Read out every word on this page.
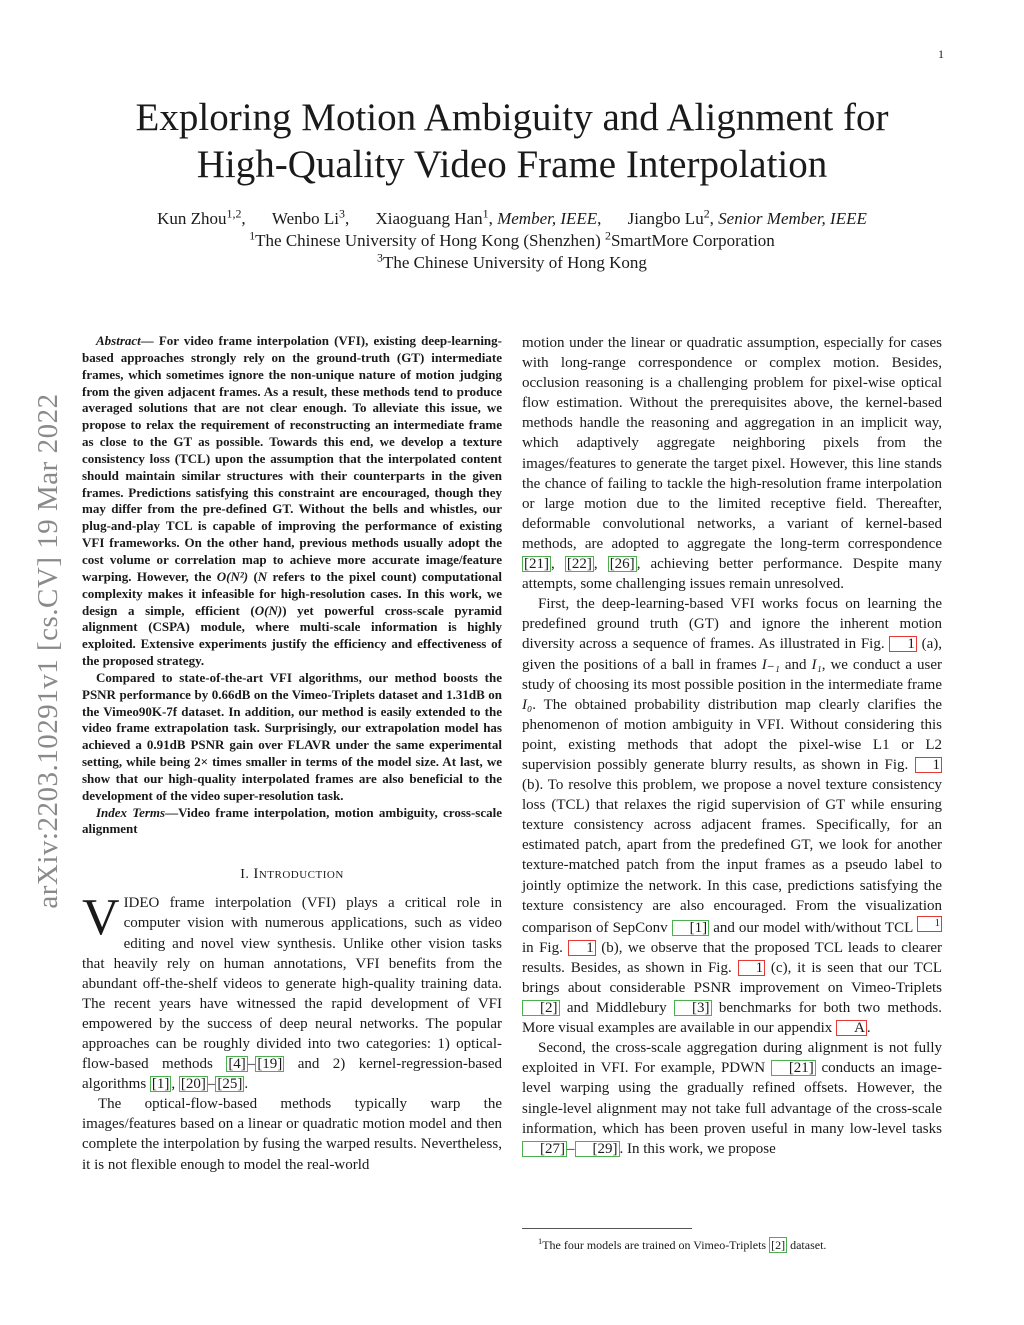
1
arXiv:2203.10291v1 [cs.CV] 19 Mar 2022
Exploring Motion Ambiguity and Alignment for
High-Quality Video Frame Interpolation
Kun Zhou$^{1,2}$, Wenbo Li$^3$, Xiaoguang Han$^1$, Member, IEEE, Jiangbo Lu$^2$, Senior Member, IEEE
$^1$The Chinese University of Hong Kong (Shenzhen) $^2$SmartMore Corporation
$^3$The Chinese University of Hong Kong

Abstract— For video frame interpolation (VFI), existing deep-learning-based approaches strongly rely on the ground-truth (GT) intermediate frames, which sometimes ignore the non-unique nature of motion judging from the given adjacent frames. As a result, these methods tend to produce averaged solutions that are not clear enough. To alleviate this issue, we propose to relax the requirement of reconstructing an intermediate frame as close to the GT as possible. Towards this end, we develop a texture consistency loss (TCL) upon the assumption that the interpolated content should maintain similar structures with their counterparts in the given frames. Predictions satisfying this constraint are encouraged, though they may differ from the pre-defined GT. Without the bells and whistles, our plug-and-play TCL is capable of improving the performance of existing VFI frameworks. On the other hand, previous methods usually adopt the cost volume or correlation map to achieve more accurate image/feature warping. However, the O(N²) (N refers to the pixel count) computational complexity makes it infeasible for high-resolution cases. In this work, we design a simple, efficient (O(N)) yet powerful cross-scale pyramid alignment (CSPA) module, where multi-scale information is highly exploited. Extensive experiments justify the efficiency and effectiveness of the proposed strategy.

Compared to state-of-the-art VFI algorithms, our method boosts the PSNR performance by 0.66dB on the Vimeo-Triplets dataset and 1.31dB on the Vimeo90K-7f dataset. In addition, our method is easily extended to the video frame extrapolation task. Surprisingly, our extrapolation model has achieved a 0.91dB PSNR gain over FLAVR under the same experimental setting, while being 2× times smaller in terms of the model size. At last, we show that our high-quality interpolated frames are also beneficial to the development of the video super-resolution task.

Index Terms—Video frame interpolation, motion ambiguity, cross-scale alignment

I. Introduction

VIDEO frame interpolation (VFI) plays a critical role in computer vision with numerous applications, such as video editing and novel view synthesis. Unlike other vision tasks that heavily rely on human annotations, VFI benefits from the abundant off-the-shelf videos to generate high-quality training data. The recent years have witnessed the rapid development of VFI empowered by the success of deep neural networks. The popular approaches can be roughly divided into two categories: 1) optical-flow-based methods [4] – [19] and 2) kernel-regression-based algorithms [1] , [20] – [25] .

The optical-flow-based methods typically warp the images/features based on a linear or quadratic motion model and then complete the interpolation by fusing the warped results. Nevertheless, it is not flexible enough to model the real-world

motion under the linear or quadratic assumption, especially for cases with long-range correspondence or complex motion. Besides, occlusion reasoning is a challenging problem for pixel-wise optical flow estimation. Without the prerequisites above, the kernel-based methods handle the reasoning and aggregation in an implicit way, which adaptively aggregate neighboring pixels from the images/features to generate the target pixel. However, this line stands the chance of failing to tackle the high-resolution frame interpolation or large motion due to the limited receptive field. Thereafter, deformable convolutional networks, a variant of kernel-based methods, are adopted to aggregate the long-term correspondence [21] , [22] , [26] , achieving better performance. Despite many attempts, some challenging issues remain unresolved.

First, the deep-learning-based VFI works focus on learning the predefined ground truth (GT) and ignore the inherent motion diversity across a sequence of frames. As illustrated in Fig. 1 (a), given the positions of a ball in frames I₋₁ and I₁, we conduct a user study of choosing its most possible position in the intermediate frame I₀. The obtained probability distribution map clearly clarifies the phenomenon of motion ambiguity in VFI. Without considering this point, existing methods that adopt the pixel-wise L1 or L2 supervision possibly generate blurry results, as shown in Fig. 1 (b). To resolve this problem, we propose a novel texture consistency loss (TCL) that relaxes the rigid supervision of GT while ensuring texture consistency across adjacent frames. Specifically, for an estimated patch, apart from the predefined GT, we look for another texture-matched patch from the input frames as a pseudo label to jointly optimize the network. In this case, predictions satisfying the texture consistency are also encouraged. From the visualization comparison of SepConv [1] and our model with/without TCL $^1$ in Fig. 1 (b), we observe that the proposed TCL leads to clearer results. Besides, as shown in Fig. 1 (c), it is seen that our TCL brings about considerable PSNR improvement on Vimeo-Triplets [2] and Middlebury [3] benchmarks for both two methods. More visual examples are available in our appendix A .

Second, the cross-scale aggregation during alignment is not fully exploited in VFI. For example, PDWN [21] conducts an image-level warping using the gradually refined offsets. However, the single-level alignment may not take full advantage of the cross-scale information, which has been proven useful in many low-level tasks [27] – [29] . In this work, we propose

$^1$The four models are trained on Vimeo-Triplets [2] dataset.
